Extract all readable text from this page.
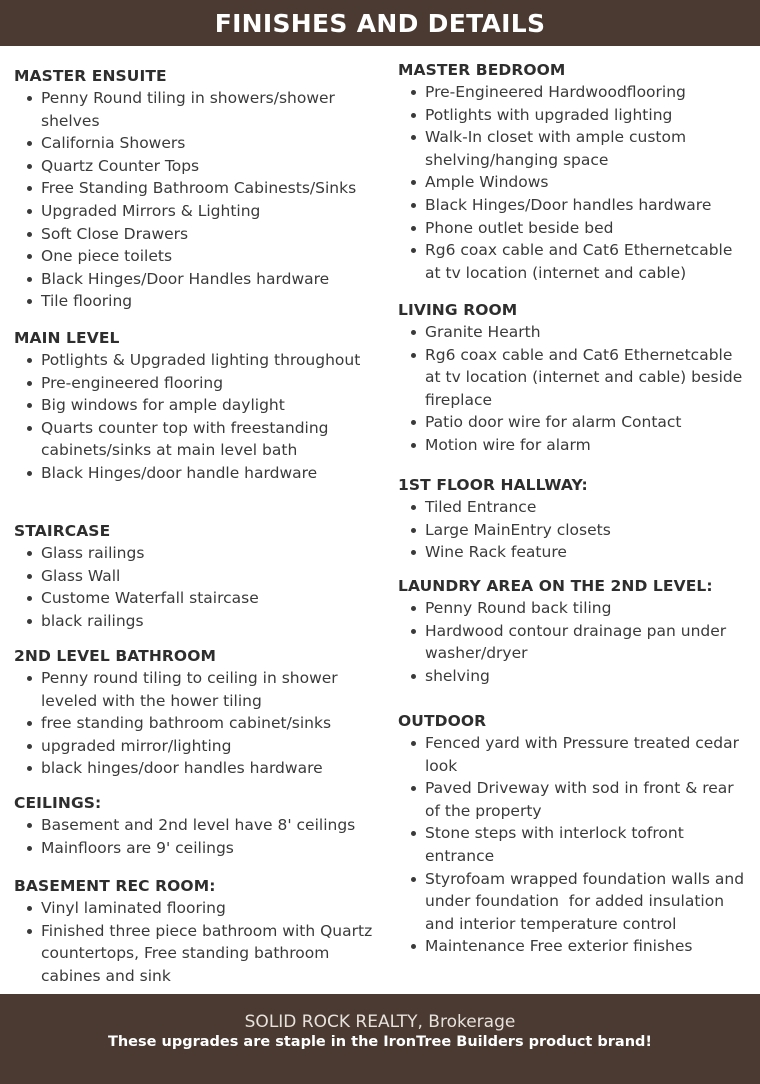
FINISHES AND DETAILS
MASTER ENSUITE
Penny Round tiling in showers/shower shelves
California Showers
Quartz Counter Tops
Free Standing Bathroom Cabinests/Sinks
Upgraded Mirrors & Lighting
Soft Close Drawers
One piece toilets
Black Hinges/Door Handles hardware
Tile flooring
MAIN LEVEL
Potlights & Upgraded lighting throughout
Pre-engineered flooring
Big windows for ample daylight
Quarts counter top with freestanding cabinets/sinks at main level bath
Black Hinges/door handle hardware
STAIRCASE
Glass railings
Glass Wall
Custome Waterfall staircase
black railings
2ND LEVEL BATHROOM
Penny round tiling to ceiling in shower leveled with the hower tiling
free standing bathroom cabinet/sinks
upgraded mirror/lighting
black hinges/door handles hardware
CEILINGS:
Basement and 2nd level have 8' ceilings
Mainfloors are 9' ceilings
BASEMENT REC ROOM:
Vinyl laminated flooring
Finished three piece bathroom with Quartz countertops, Free standing bathroom cabines and sink
MASTER BEDROOM
Pre-Engineered Hardwoodflooring
Potlights with upgraded lighting
Walk-In closet with ample custom shelving/hanging space
Ample Windows
Black Hinges/Door handles hardware
Phone outlet beside bed
Rg6 coax cable and Cat6 Ethernetcable at tv location (internet and cable)
LIVING ROOM
Granite Hearth
Rg6 coax cable and Cat6 Ethernetcable at tv location (internet and cable) beside fireplace
Patio door wire for alarm Contact
Motion wire for alarm
1ST FLOOR HALLWAY:
Tiled Entrance
Large MainEntry closets
Wine Rack feature
LAUNDRY AREA ON THE 2ND LEVEL:
Penny Round back tiling
Hardwood contour drainage pan under washer/dryer
shelving
OUTDOOR
Fenced yard with Pressure treated cedar look
Paved Driveway with sod in front & rear of the property
Stone steps with interlock tofront entrance
Styrofoam wrapped foundation walls and under foundation  for added insulation and interior temperature control
Maintenance Free exterior finishes
SOLID ROCK REALTY, Brokerage
These upgrades are staple in the IronTree Builders product brand!
